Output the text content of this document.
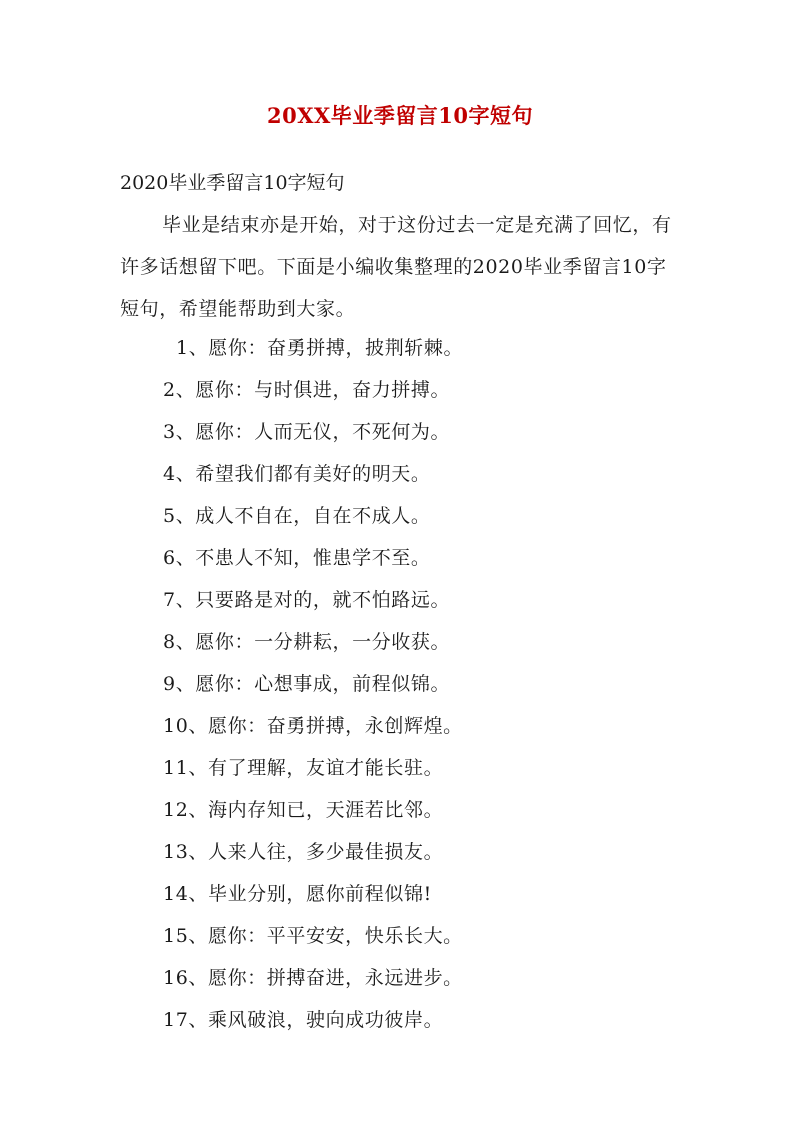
20XX毕业季留言10字短句
2020毕业季留言10字短句
毕业是结束亦是开始，对于这份过去一定是充满了回忆，有许多话想留下吧。下面是小编收集整理的2020毕业季留言10字短句，希望能帮助到大家。
1、愿你：奋勇拼搏，披荆斩棘。
2、愿你：与时俱进，奋力拼搏。
3、愿你：人而无仪，不死何为。
4、希望我们都有美好的明天。
5、成人不自在，自在不成人。
6、不患人不知，惟患学不至。
7、只要路是对的，就不怕路远。
8、愿你：一分耕耘，一分收获。
9、愿你：心想事成，前程似锦。
10、愿你：奋勇拼搏，永创辉煌。
11、有了理解，友谊才能长驻。
12、海内存知已，天涯若比邻。
13、人来人往，多少最佳损友。
14、毕业分别，愿你前程似锦!
15、愿你：平平安安，快乐长大。
16、愿你：拼搏奋进，永远进步。
17、乘风破浪，驶向成功彼岸。
